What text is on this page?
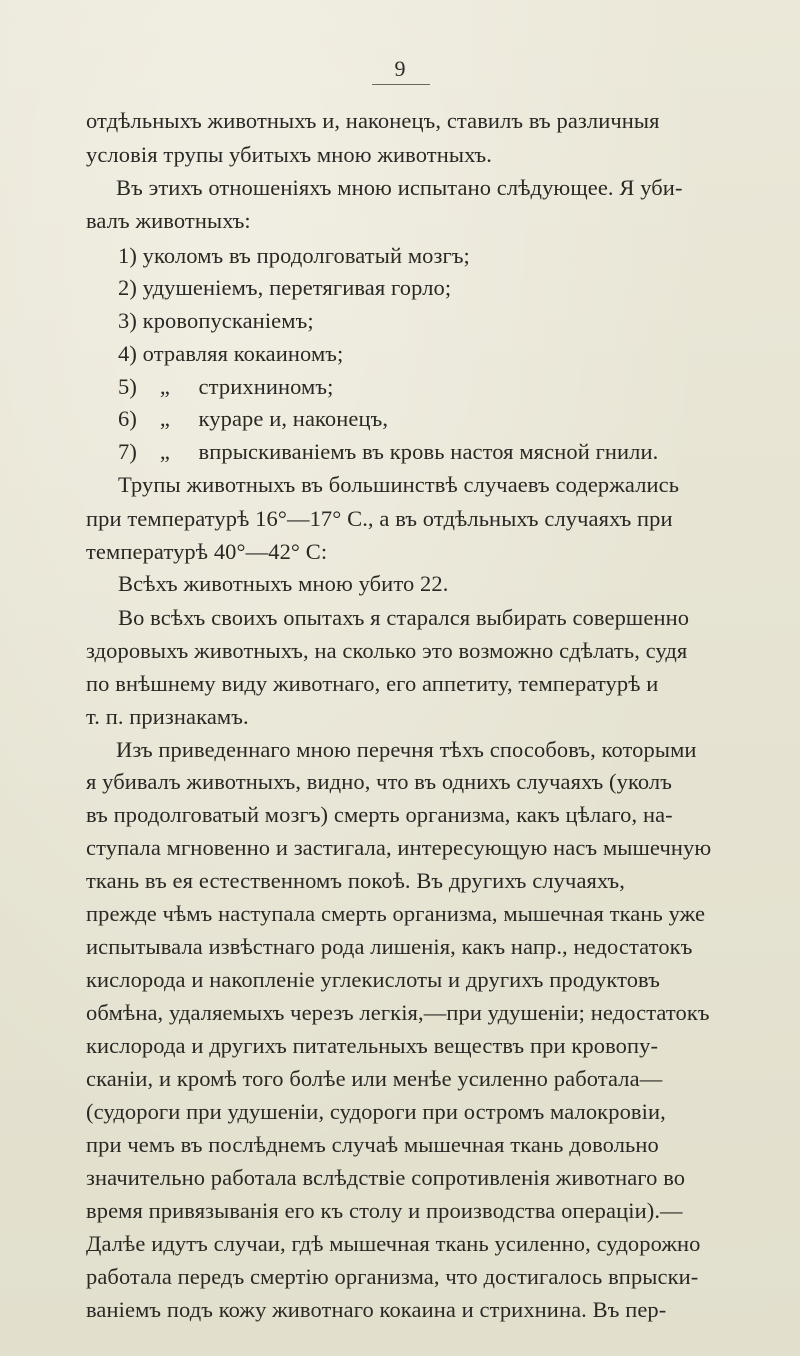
9
отдѣльныхъ животныхъ и, наконецъ, ставилъ въ различныя
условія трупы убитыхъ мною животныхъ.
Въ этихъ отношеніяхъ мною испытано слѣдующее. Я уби-
валъ животныхъ:
1) уколомъ въ продолговатый мозгъ;
2) удушеніемъ, перетягивая горло;
3) кровопусканіемъ;
4) отравляя кокаиномъ;
5)    „     стрихниномъ;
6)    „     кураре и, наконецъ,
7)    „     впрыскиваніемъ въ кровь настоя мясной гнили.
Трупы животныхъ въ большинствѣ случаевъ содержались
при температурѣ 16°—17° С., а въ отдѣльныхъ случаяхъ при
температурѣ 40°—42° С:
Всѣхъ животныхъ мною убито 22.
Во всѣхъ своихъ опытахъ я старался выбирать совершенно
здоровыхъ животныхъ, на сколько это возможно сдѣлать, судя
по внѣшнему виду животнаго, его аппетиту, температурѣ и
т. п. признакамъ.
Изъ приведеннаго мною перечня тѣхъ способовъ, которыми
я убивалъ животныхъ, видно, что въ однихъ случаяхъ (уколъ
въ продолговатый мозгъ) смерть организма, какъ цѣлаго, на-
ступала мгновенно и застигала, интересующую насъ мышечную
ткань въ ея естественномъ покоѣ. Въ другихъ случаяхъ,
прежде чѣмъ наступала смерть организма, мышечная ткань уже
испытывала извѣстнаго рода лишенія, какъ напр., недостатокъ
кислорода и накопленіе углекислоты и другихъ продуктовъ
обмѣна, удаляемыхъ черезъ легкія,—при удушеніи; недостатокъ
кислорода и другихъ питательныхъ веществъ при кровопу-
сканіи, и кромѣ того болѣе или менѣе усиленно работала—
(судороги при удушеніи, судороги при остромъ малокровіи,
при чемъ въ послѣднемъ случаѣ мышечная ткань довольно
значительно работала вслѣдствіе сопротивленія животнаго во
время привязыванія его къ столу и производства операціи).—
Далѣе идутъ случаи, гдѣ мышечная ткань усиленно, судорожно
работала передъ смертію организма, что достигалось впрыски-
ваніемъ подъ кожу животнаго кокаина и стрихнина. Въ пер-
